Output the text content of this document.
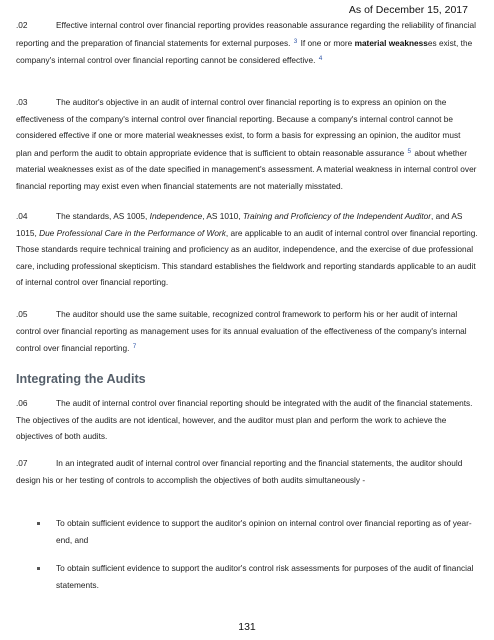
As of December 15, 2017

.02	Effective internal control over financial reporting provides reasonable assurance regarding the reliability of financial reporting and the preparation of financial statements for external purposes. $^3$ If one or more material weaknesses exist, the company's internal control over financial reporting cannot be considered effective. $^4$

.03	The auditor's objective in an audit of internal control over financial reporting is to express an opinion on the effectiveness of the company's internal control over financial reporting. Because a company's internal control cannot be considered effective if one or more material weaknesses exist, to form a basis for expressing an opinion, the auditor must plan and perform the audit to obtain appropriate evidence that is sufficient to obtain reasonable assurance $^5$ about whether material weaknesses exist as of the date specified in management's assessment. A material weakness in internal control over financial reporting may exist even when financial statements are not materially misstated.

.04	The standards, AS 1005, Independence, AS 1010, Training and Proficiency of the Independent Auditor, and AS 1015, Due Professional Care in the Performance of Work, are applicable to an audit of internal control over financial reporting. Those standards require technical training and proficiency as an auditor, independence, and the exercise of due professional care, including professional skepticism. This standard establishes the fieldwork and reporting standards applicable to an audit of internal control over financial reporting.

.05	The auditor should use the same suitable, recognized control framework to perform his or her audit of internal control over financial reporting as management uses for its annual evaluation of the effectiveness of the company's internal control over financial reporting. $^7$

Integrating the Audits

.06	The audit of internal control over financial reporting should be integrated with the audit of the financial statements. The objectives of the audits are not identical, however, and the auditor must plan and perform the work to achieve the objectives of both audits.

.07	In an integrated audit of internal control over financial reporting and the financial statements, the auditor should design his or her testing of controls to accomplish the objectives of both audits simultaneously -

To obtain sufficient evidence to support the auditor's opinion on internal control over financial reporting as of year-end, and
To obtain sufficient evidence to support the auditor's control risk assessments for purposes of the audit of financial statements.
131
